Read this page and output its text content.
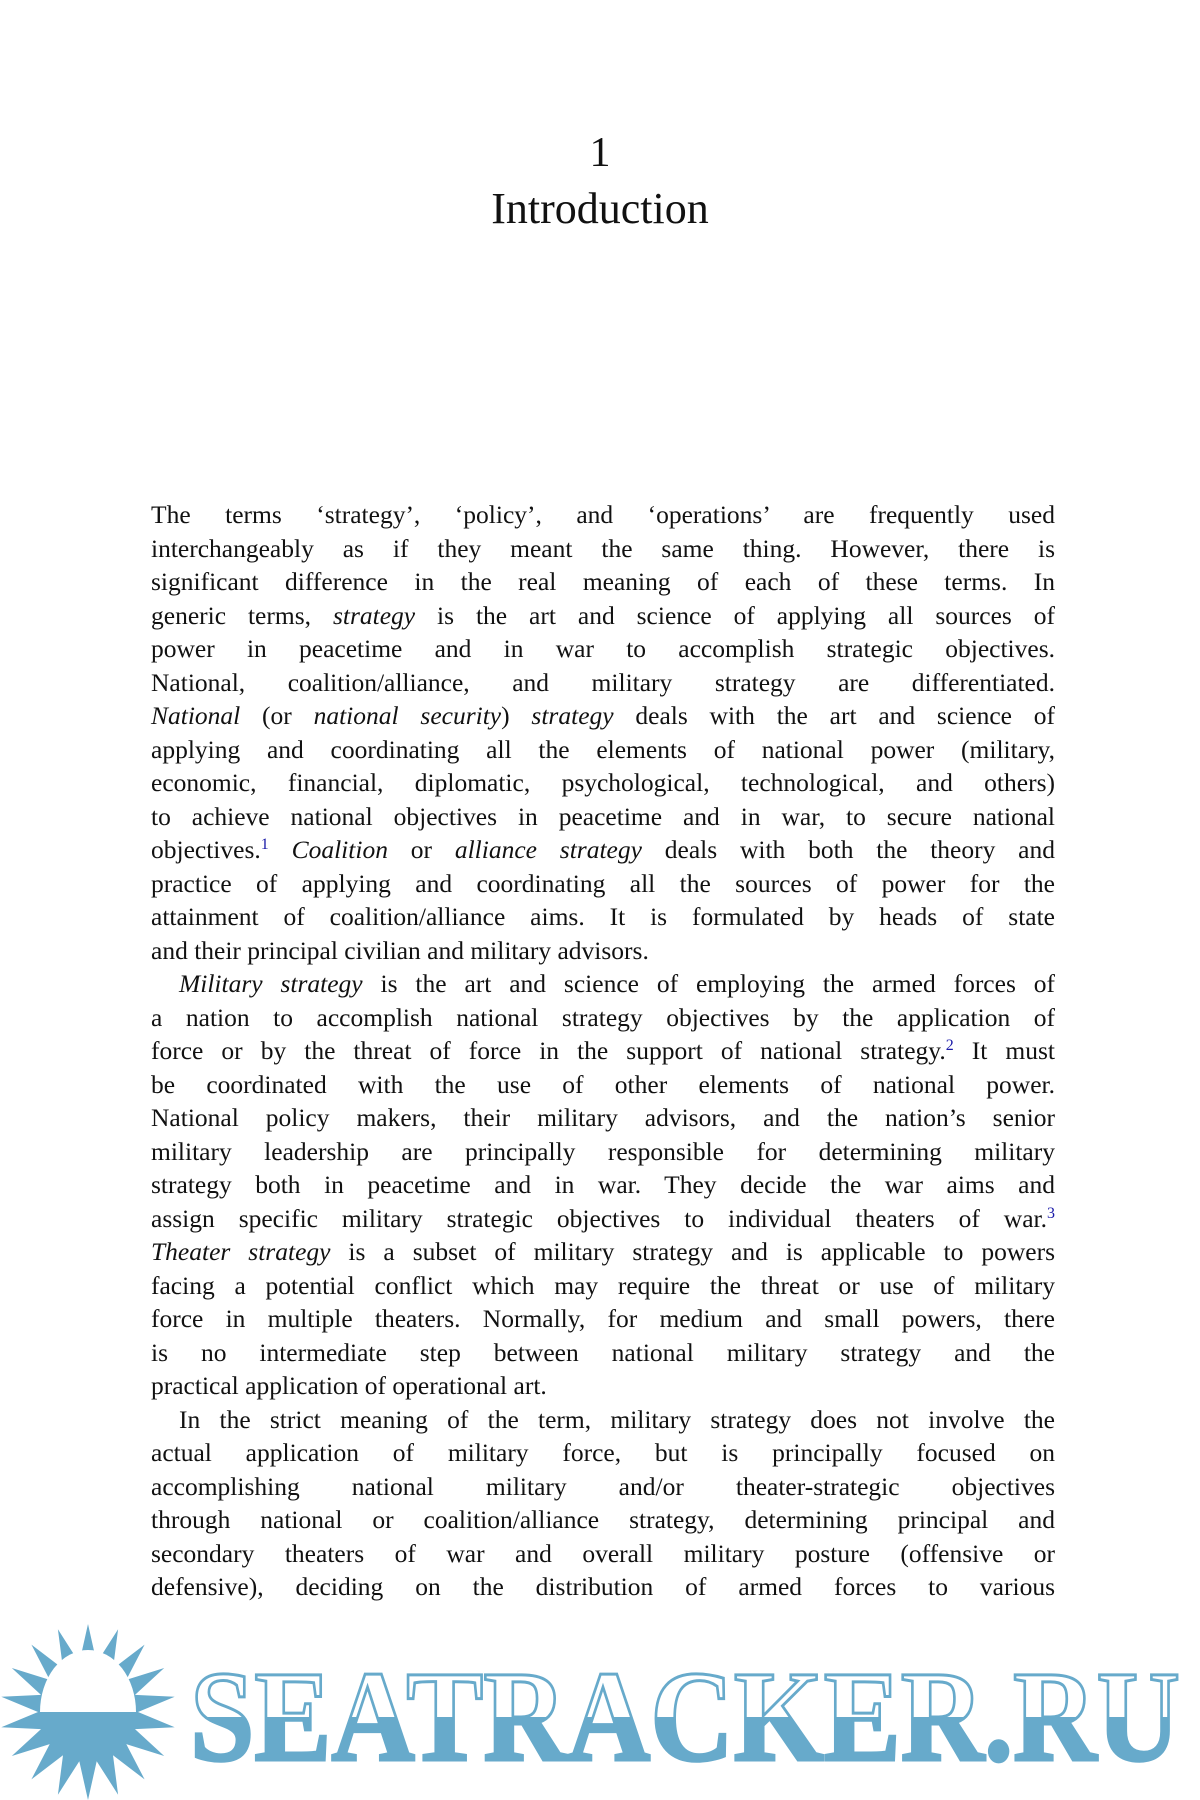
1
Introduction
The terms ‘strategy’, ‘policy’, and ‘operations’ are frequently used
interchangeably as if they meant the same thing. However, there is
significant difference in the real meaning of each of these terms. In
generic terms, strategy is the art and science of applying all sources of
power in peacetime and in war to accomplish strategic objectives.
National, coalition/alliance, and military strategy are differentiated.
National (or national security) strategy deals with the art and science of
applying and coordinating all the elements of national power (military,
economic, financial, diplomatic, psychological, technological, and others)
to achieve national objectives in peacetime and in war, to secure national
objectives.$^1$ Coalition or alliance strategy deals with both the theory and
practice of applying and coordinating all the sources of power for the
attainment of coalition/alliance aims. It is formulated by heads of state
and their principal civilian and military advisors.
Military strategy is the art and science of employing the armed forces of
a nation to accomplish national strategy objectives by the application of
force or by the threat of force in the support of national strategy.$^2$ It must
be coordinated with the use of other elements of national power.
National policy makers, their military advisors, and the nation’s senior
military leadership are principally responsible for determining military
strategy both in peacetime and in war. They decide the war aims and
assign specific military strategic objectives to individual theaters of war.$^3$
Theater strategy is a subset of military strategy and is applicable to powers
facing a potential conflict which may require the threat or use of military
force in multiple theaters. Normally, for medium and small powers, there
is no intermediate step between national military strategy and the
practical application of operational art.
In the strict meaning of the term, military strategy does not involve the
actual application of military force, but is principally focused on
accomplishing national military and/or theater-strategic objectives
through national or coalition/alliance strategy, determining principal and
secondary theaters of war and overall military posture (offensive or
defensive), deciding on the distribution of armed forces to various
SEATRACKER.RU
